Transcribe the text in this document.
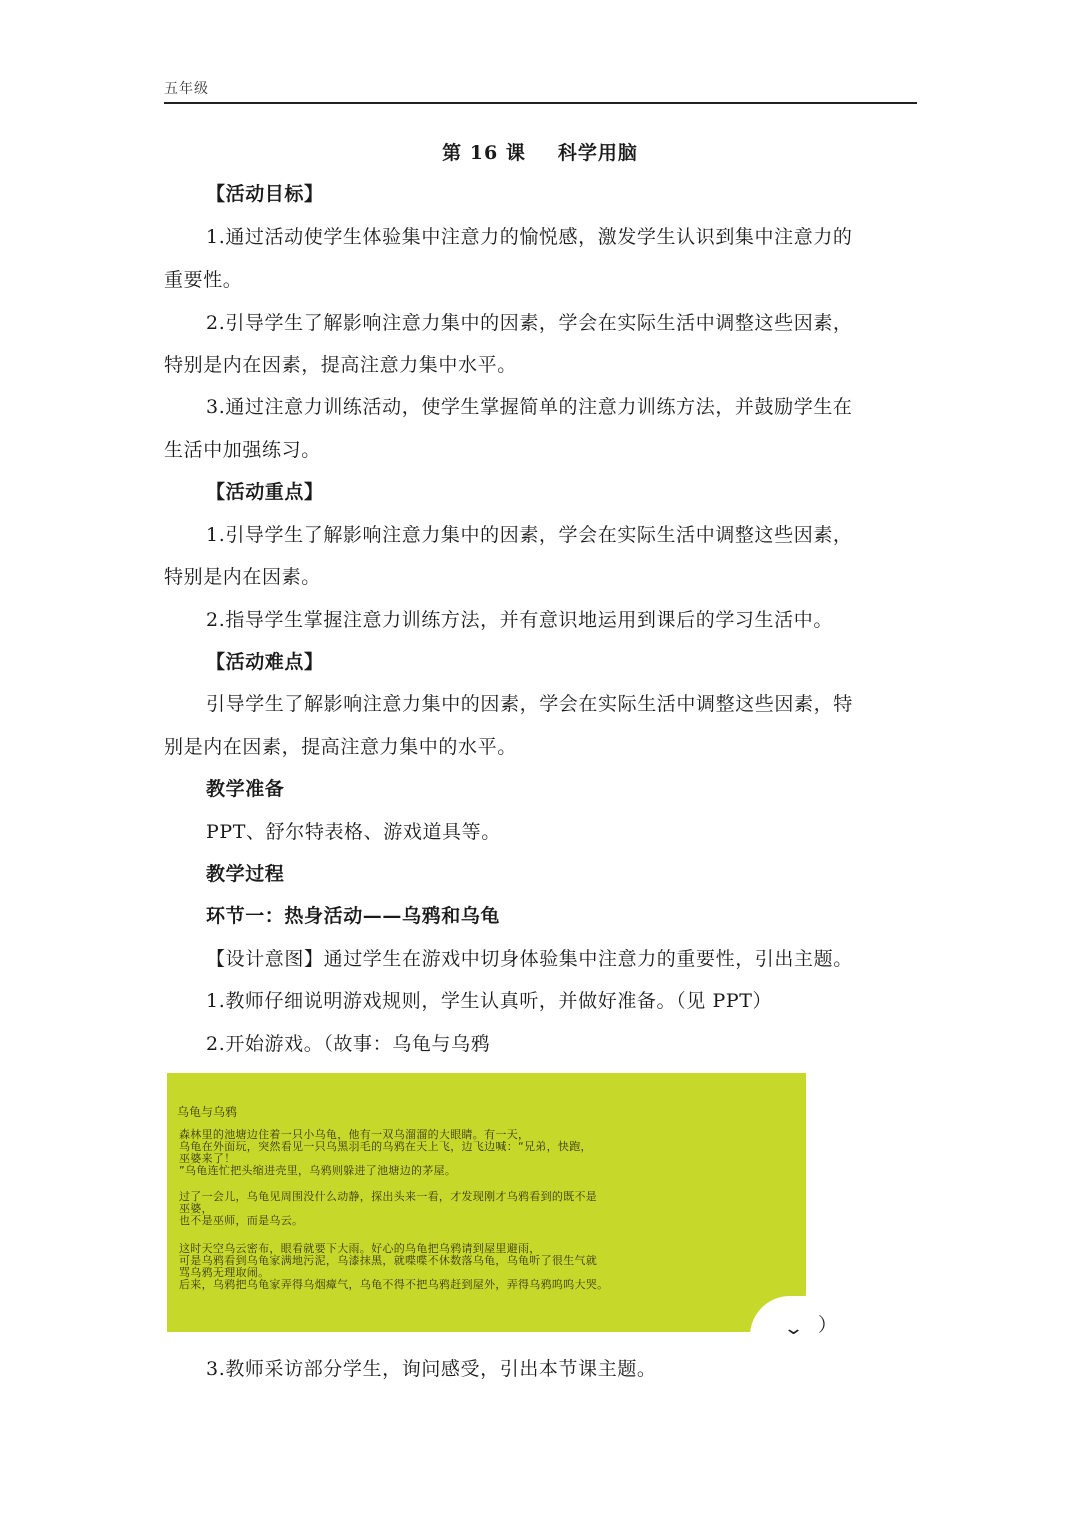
五年级
第 16 课 科学用脑
【活动目标】
1.通过活动使学生体验集中注意力的愉悦感，激发学生认识到集中注意力的
重要性。
2.引导学生了解影响注意力集中的因素，学会在实际生活中调整这些因素，
特别是内在因素，提高注意力集中水平。
3.通过注意力训练活动，使学生掌握简单的注意力训练方法，并鼓励学生在
生活中加强练习。
【活动重点】
1.引导学生了解影响注意力集中的因素，学会在实际生活中调整这些因素，
特别是内在因素。
2.指导学生掌握注意力训练方法，并有意识地运用到课后的学习生活中。
【活动难点】
引导学生了解影响注意力集中的因素，学会在实际生活中调整这些因素，特
别是内在因素，提高注意力集中的水平。
教学准备
PPT、舒尔特表格、游戏道具等。
教学过程
环节一：热身活动——乌鸦和乌龟
【设计意图】通过学生在游戏中切身体验集中注意力的重要性，引出主题。
1.教师仔细说明游戏规则，学生认真听，并做好准备。（见 PPT）
2.开始游戏。（故事：乌龟与乌鸦
乌龟与乌鸦
森林里的池塘边住着一只小乌龟，他有一双乌溜溜的大眼睛。有一天，
乌龟在外面玩，突然看见一只乌黑羽毛的乌鸦在天上飞，边飞边喊：“兄弟，快跑，
巫婆来了！
”乌龟连忙把头缩进壳里，乌鸦则躲进了池塘边的茅屋。
过了一会儿，乌龟见周围没什么动静，探出头来一看，才发现刚才乌鸦看到的既不是
巫婆，
也不是巫师，而是乌云。
这时天空乌云密布，眼看就要下大雨。好心的乌龟把乌鸦请到屋里避雨，
可是乌鸦看到乌龟家满地污泥，乌漆抹黑，就喋喋不休数落乌龟，乌龟听了很生气就
骂乌鸦无理取闹。
后来，乌鸦把乌龟家弄得乌烟瘴气，乌龟不得不把乌鸦赶到屋外，弄得乌鸦呜呜大哭。
⌄ ）
3.教师采访部分学生，询问感受，引出本节课主题。
